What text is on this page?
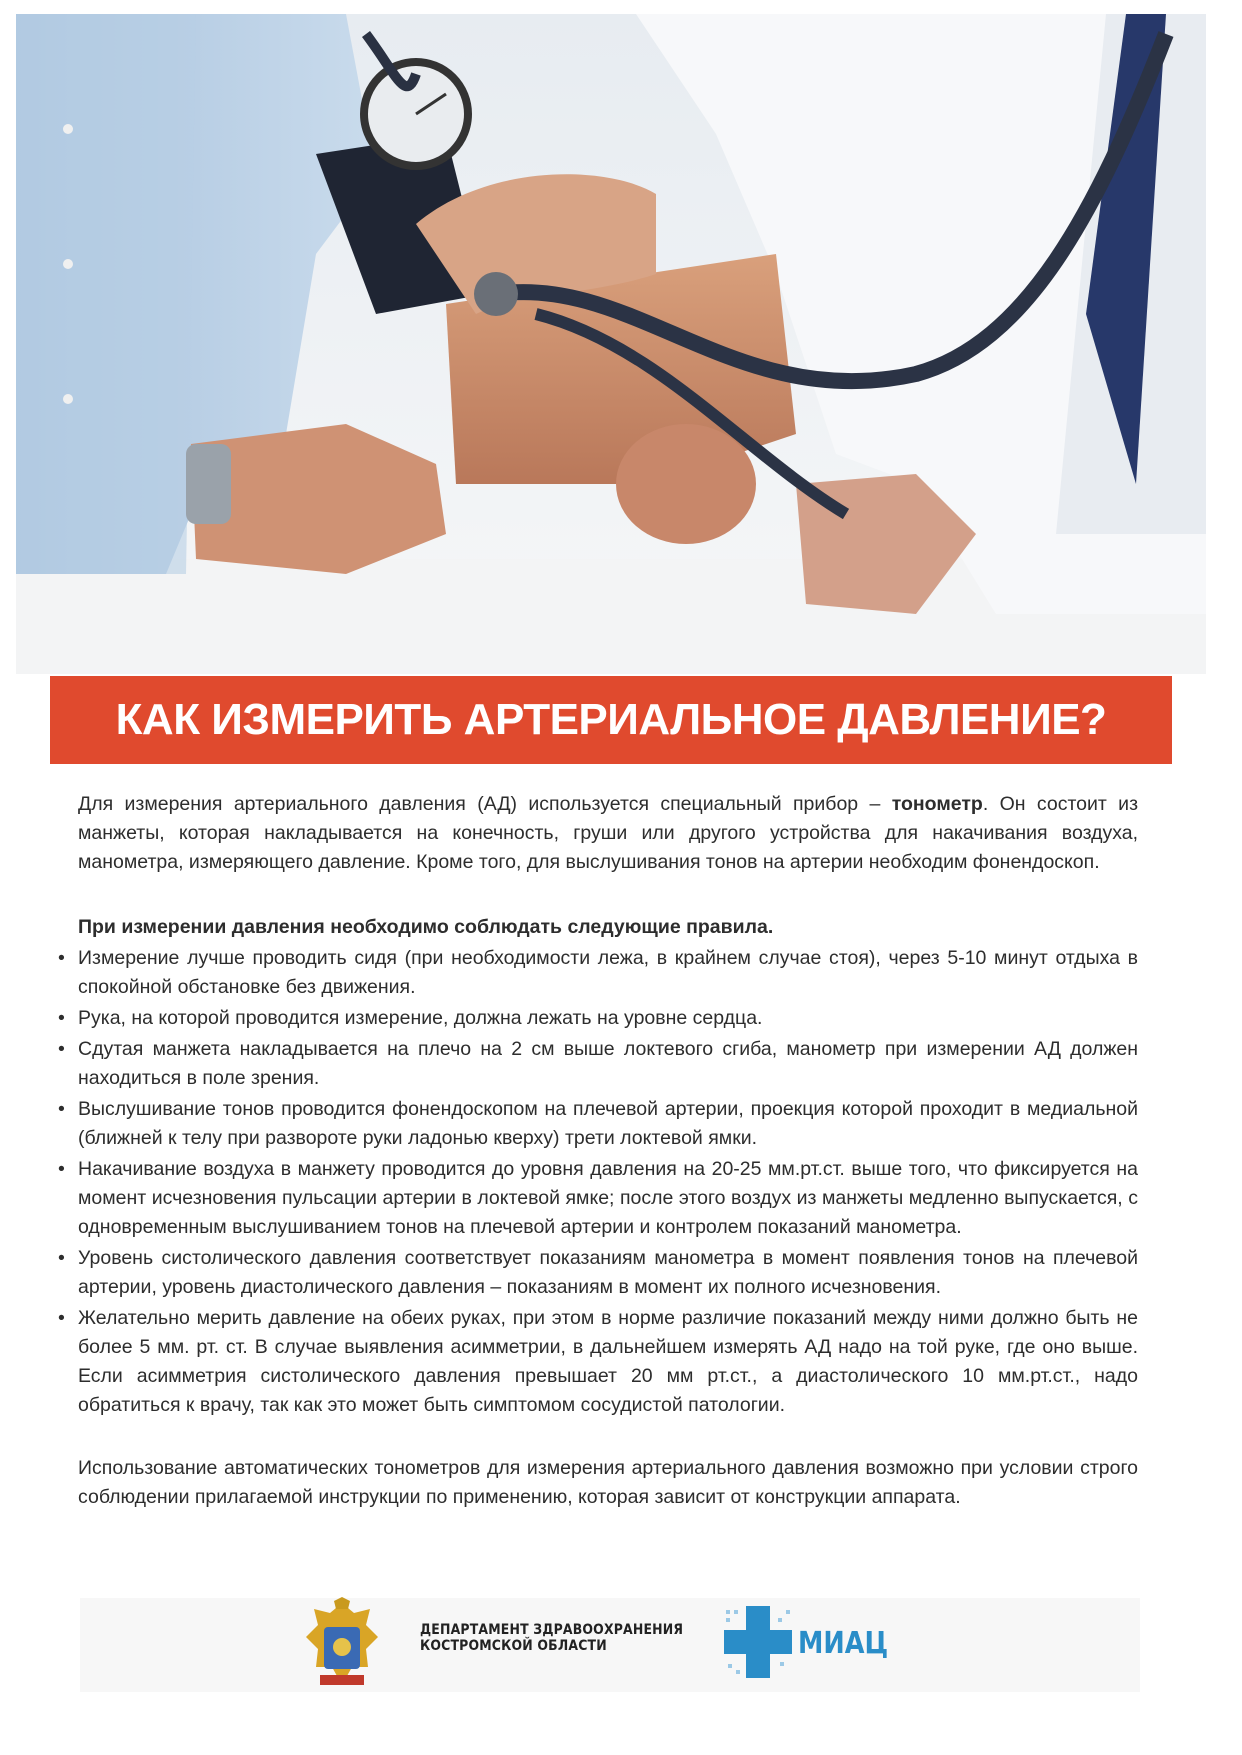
КАК ИЗМЕРИТЬ АРТЕРИАЛЬНОЕ ДАВЛЕНИЕ?

Для измерения артериального давления (АД) используется специальный прибор – тонометр. Он состоит из манжеты, которая накладывается на конечность, груши или другого устройства для накачивания воздуха, манометра, измеряющего давление. Кроме того, для выслушивания тонов на артерии необходим фонендоскоп.

При измерении давления необходимо соблюдать следующие правила.

• Измерение лучше проводить сидя (при необходимости лежа, в крайнем случае стоя), через 5-10 минут отдыха в спокойной обстановке без движения.
• Рука, на которой проводится измерение, должна лежать на уровне сердца.
• Сдутая манжета накладывается на плечо на 2 см выше локтевого сгиба, манометр при измерении АД должен находиться в поле зрения.
• Выслушивание тонов проводится фонендоскопом на плечевой артерии, проекция которой проходит в медиальной (ближней к телу при развороте руки ладонью кверху) трети локтевой ямки.
• Накачивание воздуха в манжету проводится до уровня давления на 20-25 мм.рт.ст. выше того, что фиксируется на момент исчезновения пульсации артерии в локтевой ямке; после этого воздух из манжеты медленно выпускается, с одновременным выслушиванием тонов на плечевой артерии и контролем показаний манометра.
• Уровень систолического давления соответствует показаниям манометра в момент появления тонов на плечевой артерии, уровень диастолического давления – показаниям в момент их полного исчезновения.
• Желательно мерить давление на обеих руках, при этом в норме различие показаний между ними должно быть не более 5 мм. рт. ст. В случае выявления асимметрии, в дальнейшем измерять АД надо на той руке, где оно выше. Если асимметрия систолического давления превышает 20 мм рт.ст., а диастолического 10 мм.рт.ст., надо обратиться к врачу, так как это может быть симптомом сосудистой патологии.

Использование автоматических тонометров для измерения артериального давления возможно при условии строго соблюдении прилагаемой инструкции по применению, которая зависит от конструкции аппарата.

ДЕПАРТАМЕНТ ЗДРАВООХРАНЕНИЯ
КОСТРОМСКОЙ ОБЛАСТИ	МИАЦ
